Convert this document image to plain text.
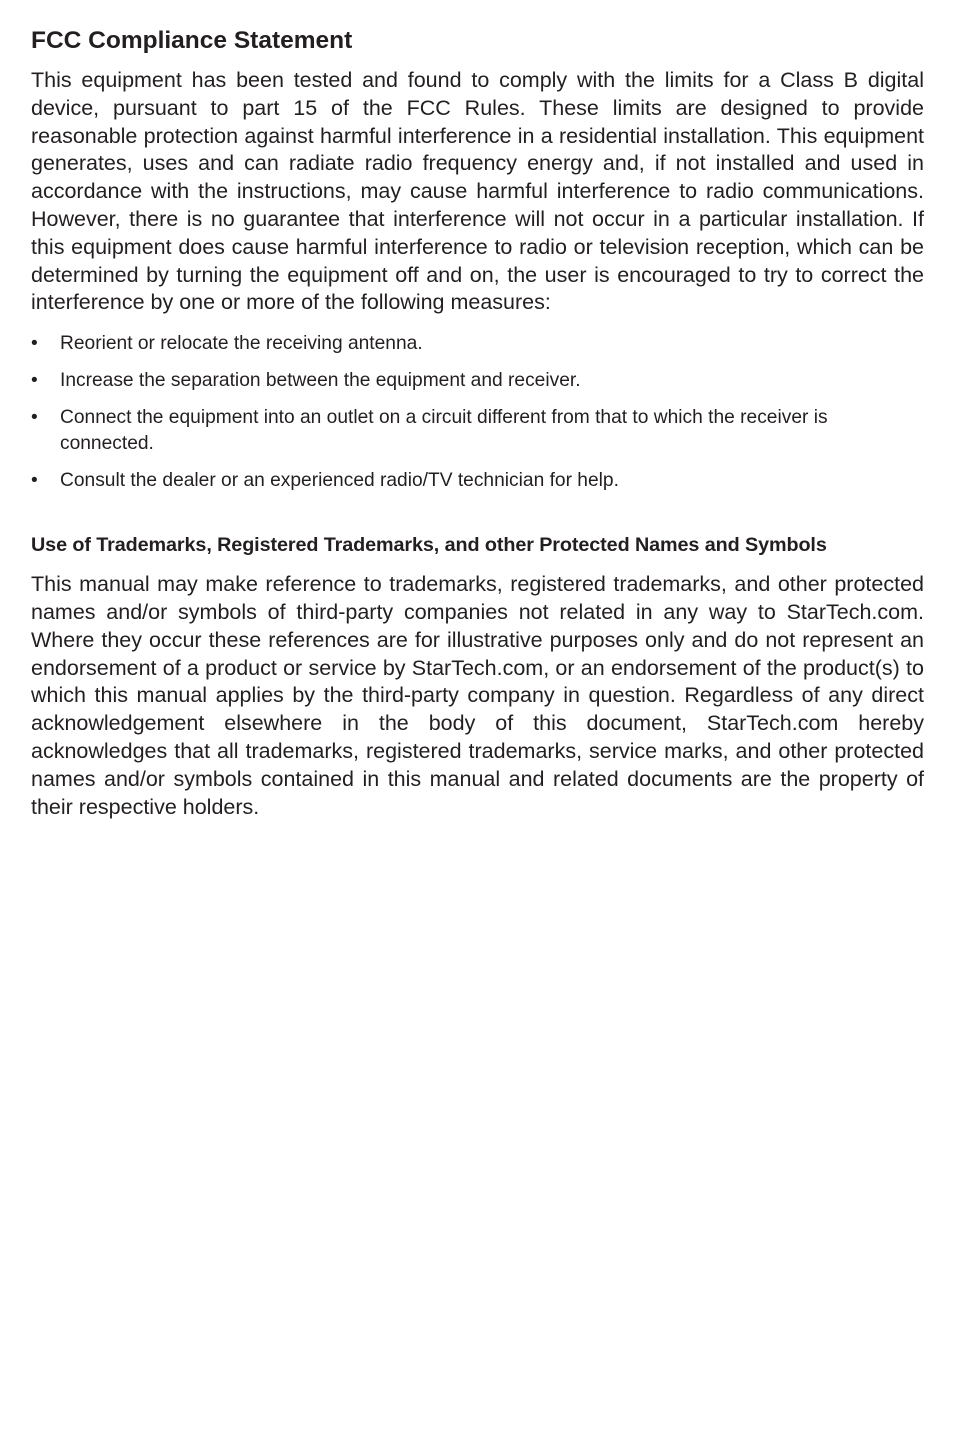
FCC Compliance Statement

This equipment has been tested and found to comply with the limits for a Class B digital device, pursuant to part 15 of the FCC Rules. These limits are designed to provide reasonable protection against harmful interference in a residential installation. This equipment generates, uses and can radiate radio frequency energy and, if not installed and used in accordance with the instructions, may cause harmful interference to radio communications. However, there is no guarantee that interference will not occur in a particular installation. If this equipment does cause harmful interference to radio or television reception, which can be determined by turning the equipment off and on, the user is encouraged to try to correct the interference by one or more of the following measures:

• Reorient or relocate the receiving antenna.
• Increase the separation between the equipment and receiver.
• Connect the equipment into an outlet on a circuit different from that to which the receiver is connected.
• Consult the dealer or an experienced radio/TV technician for help.
Use of Trademarks, Registered Trademarks, and other Protected Names and Symbols

This manual may make reference to trademarks, registered trademarks, and other protected names and/or symbols of third-party companies not related in any way to StarTech.com. Where they occur these references are for illustrative purposes only and do not represent an endorsement of a product or service by StarTech.com, or an endorsement of the product(s) to which this manual applies by the third-party company in question. Regardless of any direct acknowledgement elsewhere in the body of this document, StarTech.com hereby acknowledges that all trademarks, registered trademarks, service marks, and other protected names and/or symbols contained in this manual and related documents are the property of their respective holders.
